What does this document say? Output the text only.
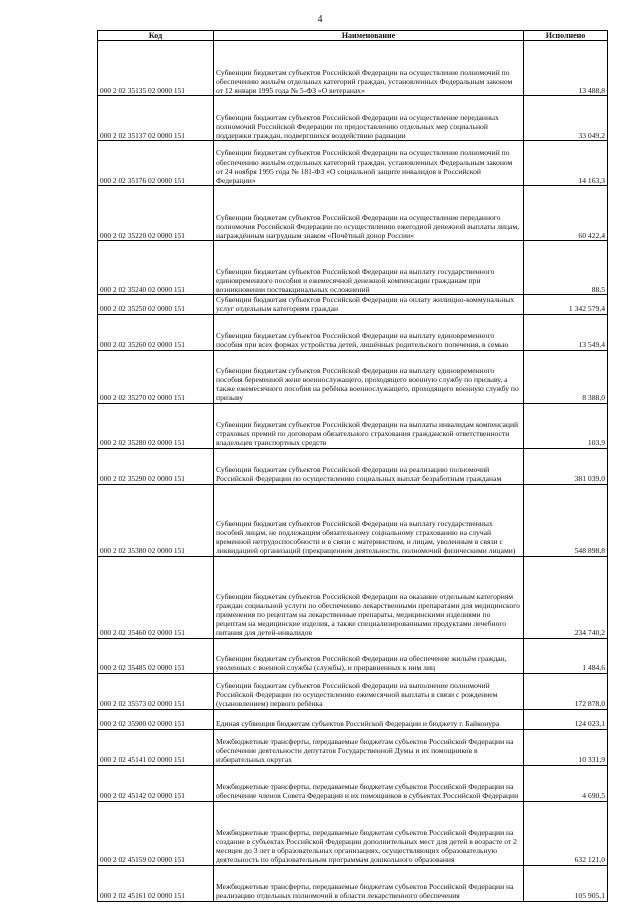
4
Код	Наименование	Исполнено
000 2 02 35135 02 0000 151	Субвенции бюджетам субъектов Российской Федерации на осуществление полномочий по обеспечению жильём отдельных категорий граждан, установленных Федеральным законом от 12 января 1995 года № 5-ФЗ «О ветеранах»	13 488,8
000 2 02 35137 02 0000 151	Субвенции бюджетам субъектов Российской Федерации на осуществление переданных полномочий Российской Федерации по предоставлению отдельных мер социальной поддержки граждан, подвергшихся воздействию радиации	33 049,2
000 2 02 35176 02 0000 151	Субвенции бюджетам субъектов Российской Федерации на осуществление полномочий по обеспечению жильём отдельных категорий граждан, установленных Федеральным законом от 24 ноября 1995 года № 181-ФЗ «О социальной защите инвалидов в Российской Федерации»	14 163,3
000 2 02 35220 02 0000 151	Субвенции бюджетам субъектов Российской Федерации на осуществление переданного полномочия Российской Федерации по осуществлению ежегодной денежной выплаты лицам, награждённым нагрудным знаком «Почётный донор России»	60 422,4
000 2 02 35240 02 0000 151	Субвенции бюджетам субъектов Российской Федерации на выплату государственного единовременного пособия и ежемесячной денежной компенсации гражданам при возникновении поствакцинальных осложнений	88,5
000 2 02 35250 02 0000 151	Субвенции бюджетам субъектов Российской Федерации на оплату жилищно-коммунальных услуг отдельным категориям граждан	1 342 579,4
000 2 02 35260 02 0000 151	Субвенции бюджетам субъектов Российской Федерации на выплату единовременного пособия при всех формах устройства детей, лишённых родительского попечения, в семью	13 549,4
000 2 02 35270 02 0000 151	Субвенции бюджетам субъектов Российской Федерации на выплату единовременного пособия беременной жене военнослужащего, проходящего военную службу по призыву, а также ежемесячного пособия на ребёнка военнослужащего, проходящего военную службу по призыву	8 388,0
000 2 02 35280 02 0000 151	Субвенции бюджетам субъектов Российской Федерации на выплаты инвалидам компенсаций страховых премий по договорам обязательного страхования гражданской ответственности владельцев транспортных средств	103,9
000 2 02 35290 02 0000 151	Субвенции бюджетам субъектов Российской Федерации на реализацию полномочий Российской Федерации по осуществлению социальных выплат безработным гражданам	381 039,0
000 2 02 35380 02 0000 151	Субвенции бюджетам субъектов Российской Федерации на выплату государственных пособий лицам, не подлежащим обязательному социальному страхованию на случай временной нетрудоспособности и в связи с материнством, и лицам, уволенным в связи с ликвидацией организаций (прекращением деятельности, полномочий физическими лицами)	548 898,8
000 2 02 35460 02 0000 151	Субвенции бюджетам субъектов Российской Федерации на оказание отдельным категориям граждан социальной услуги по обеспечению лекарственными препаратами для медицинского применения по рецептам на лекарственные препараты, медицинскими изделиями по рецептам на медицинские изделия, а также специализированными продуктами лечебного питания для детей-инвалидов	234 740,2
000 2 02 35485 02 0000 151	Субвенции бюджетам субъектов Российской Федерации на обеспечение жильём граждан, уволенных с военной службы (службы), и приравненных к ним лиц	1 484,6
000 2 02 35573 02 0000 151	Субвенции бюджетам субъектов Российской Федерации на выполнение полномочий Российской Федерации по осуществлению ежемесячной выплаты в связи с рождением (усыновлением) первого ребёнка	172 878,0
000 2 02 35900 02 0000 151	Единая субвенция бюджетам субъектов Российской Федерации и бюджету г. Байконура	124 023,1
000 2 02 45141 02 0000 151	Межбюджетные трансферты, передаваемые бюджетам субъектов Российской Федерации на обеспечение деятельности депутатов Государственной Думы и их помощников в избирательных округах	10 331,9
000 2 02 45142 02 0000 151	Межбюджетные трансферты, передаваемые бюджетам субъектов Российской Федерации на обеспечение членов Совета Федерации и их помощников в субъектах Российской Федерации	4 690,5
000 2 02 45159 02 0000 151	Межбюджетные трансферты, передаваемые бюджетам субъектов Российской Федерации на создание в субъектах Российской Федерации дополнительных мест для детей в возрасте от 2 месяцев до 3 лет в образовательных организациях, осуществляющих образовательную деятельность по образовательным программам дошкольного образования	632 121,0
000 2 02 45161 02 0000 151	Межбюджетные трансферты, передаваемые бюджетам субъектов Российской Федерации на реализацию отдельных полномочий в области лекарственного обеспечения	105 905,1
